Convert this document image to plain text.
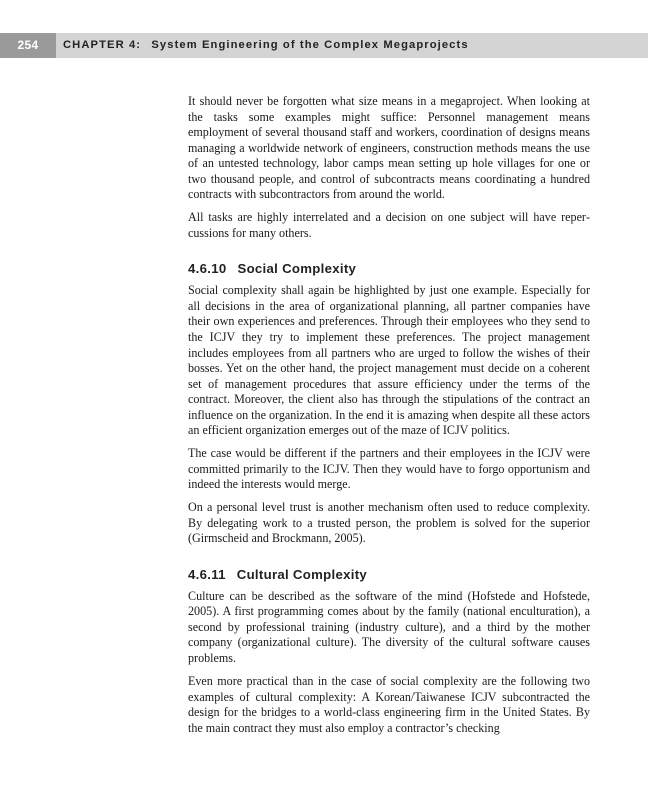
254	CHAPTER 4: System Engineering of the Complex Megaprojects

It should never be forgotten what size means in a megaproject. When looking at the tasks some examples might suffice: Personnel management means employment of several thousand staff and workers, coordination of designs means managing a worldwide network of engineers, construction methods means the use of an untested technology, labor camps mean setting up hole villages for one or two thousand people, and control of subcontracts means coordinating a hundred contracts with subcontractors from around the world.

All tasks are highly interrelated and a decision on one subject will have repercussions for many others.

4.6.10 Social Complexity

Social complexity shall again be highlighted by just one example. Especially for all decisions in the area of organizational planning, all partner companies have their own experiences and preferences. Through their employees who they send to the ICJV they try to implement these preferences. The project management includes employees from all partners who are urged to follow the wishes of their bosses. Yet on the other hand, the project management must decide on a coherent set of management procedures that assure efficiency under the terms of the contract. Moreover, the client also has through the stipulations of the contract an influence on the organization. In the end it is amazing when despite all these actors an efficient organization emerges out of the maze of ICJV politics.

The case would be different if the partners and their employees in the ICJV were committed primarily to the ICJV. Then they would have to forgo opportunism and indeed the interests would merge.

On a personal level trust is another mechanism often used to reduce complexity. By delegating work to a trusted person, the problem is solved for the superior (Girmscheid and Brockmann, 2005).

4.6.11 Cultural Complexity

Culture can be described as the software of the mind (Hofstede and Hofstede, 2005). A first programming comes about by the family (national enculturation), a second by professional training (industry culture), and a third by the mother company (organizational culture). The diversity of the cultural software causes problems.

Even more practical than in the case of social complexity are the following two examples of cultural complexity: A Korean/Taiwanese ICJV subcontracted the design for the bridges to a world-class engineering firm in the United States. By the main contract they must also employ a contractor’s checking
